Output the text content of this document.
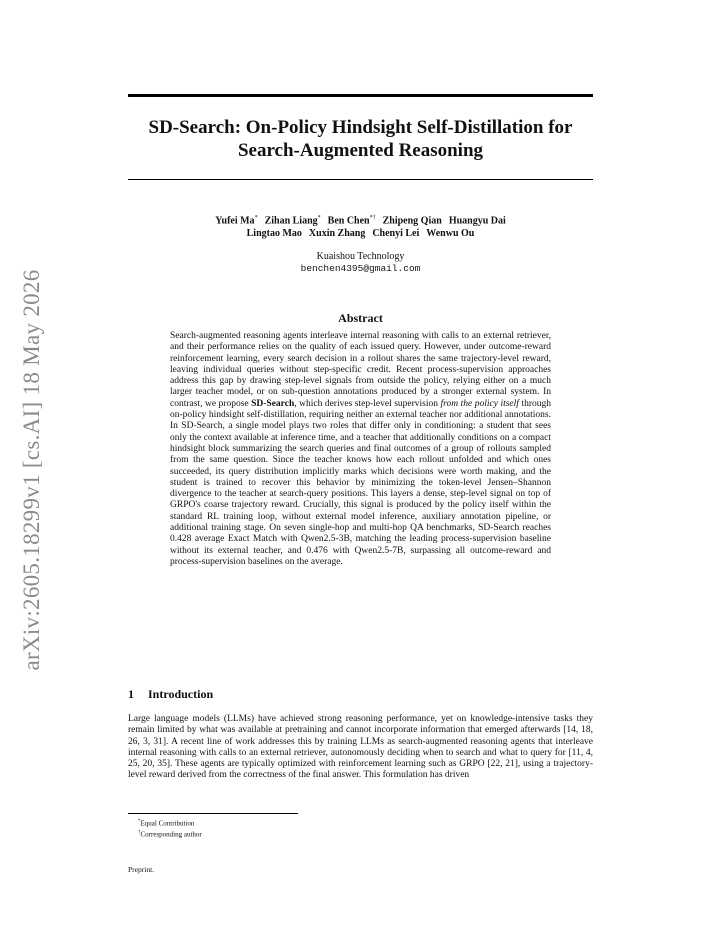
arXiv:2605.18299v1 [cs.AI] 18 May 2026
SD-Search: On-Policy Hindsight Self-Distillation for Search-Augmented Reasoning
Yufei Ma* Zihan Liang* Ben Chen*† Zhipeng Qian Huangyu Dai
Lingtao Mao Xuxin Zhang Chenyi Lei Wenwu Ou
Kuaishou Technology
benchen4395@gmail.com
Abstract

Search-augmented reasoning agents interleave internal reasoning with calls to an external retriever, and their performance relies on the quality of each issued query. However, under outcome-reward reinforcement learning, every search decision in a rollout shares the same trajectory-level reward, leaving individual queries without step-specific credit. Recent process-supervision approaches address this gap by drawing step-level signals from outside the policy, relying either on a much larger teacher model, or on sub-question annotations produced by a stronger external system. In contrast, we propose SD-Search, which derives step-level supervision from the policy itself through on-policy hindsight self-distillation, requiring neither an external teacher nor additional annotations. In SD-Search, a single model plays two roles that differ only in conditioning: a student that sees only the context available at inference time, and a teacher that additionally conditions on a compact hindsight block summarizing the search queries and final outcomes of a group of rollouts sampled from the same question. Since the teacher knows how each rollout unfolded and which ones succeeded, its query distribution implicitly marks which decisions were worth making, and the student is trained to recover this behavior by minimizing the token-level Jensen–Shannon divergence to the teacher at search-query positions. This layers a dense, step-level signal on top of GRPO's coarse trajectory reward. Crucially, this signal is produced by the policy itself within the standard RL training loop, without external model inference, auxiliary annotation pipeline, or additional training stage. On seven single-hop and multi-hop QA benchmarks, SD-Search reaches 0.428 average Exact Match with Qwen2.5-3B, matching the leading process-supervision baseline without its external teacher, and 0.476 with Qwen2.5-7B, surpassing all outcome-reward and process-supervision baselines on the average.

1 Introduction

Large language models (LLMs) have achieved strong reasoning performance, yet on knowledge-intensive tasks they remain limited by what was available at pretraining and cannot incorporate information that emerged afterwards [14, 18, 26, 3, 31]. A recent line of work addresses this by training LLMs as search-augmented reasoning agents that interleave internal reasoning with calls to an external retriever, autonomously deciding when to search and what to query for [11, 4, 25, 20, 35]. These agents are typically optimized with reinforcement learning such as GRPO [22, 21], using a trajectory-level reward derived from the correctness of the final answer. This formulation has driven

*Equal Contribution
†Corresponding author
Preprint.
